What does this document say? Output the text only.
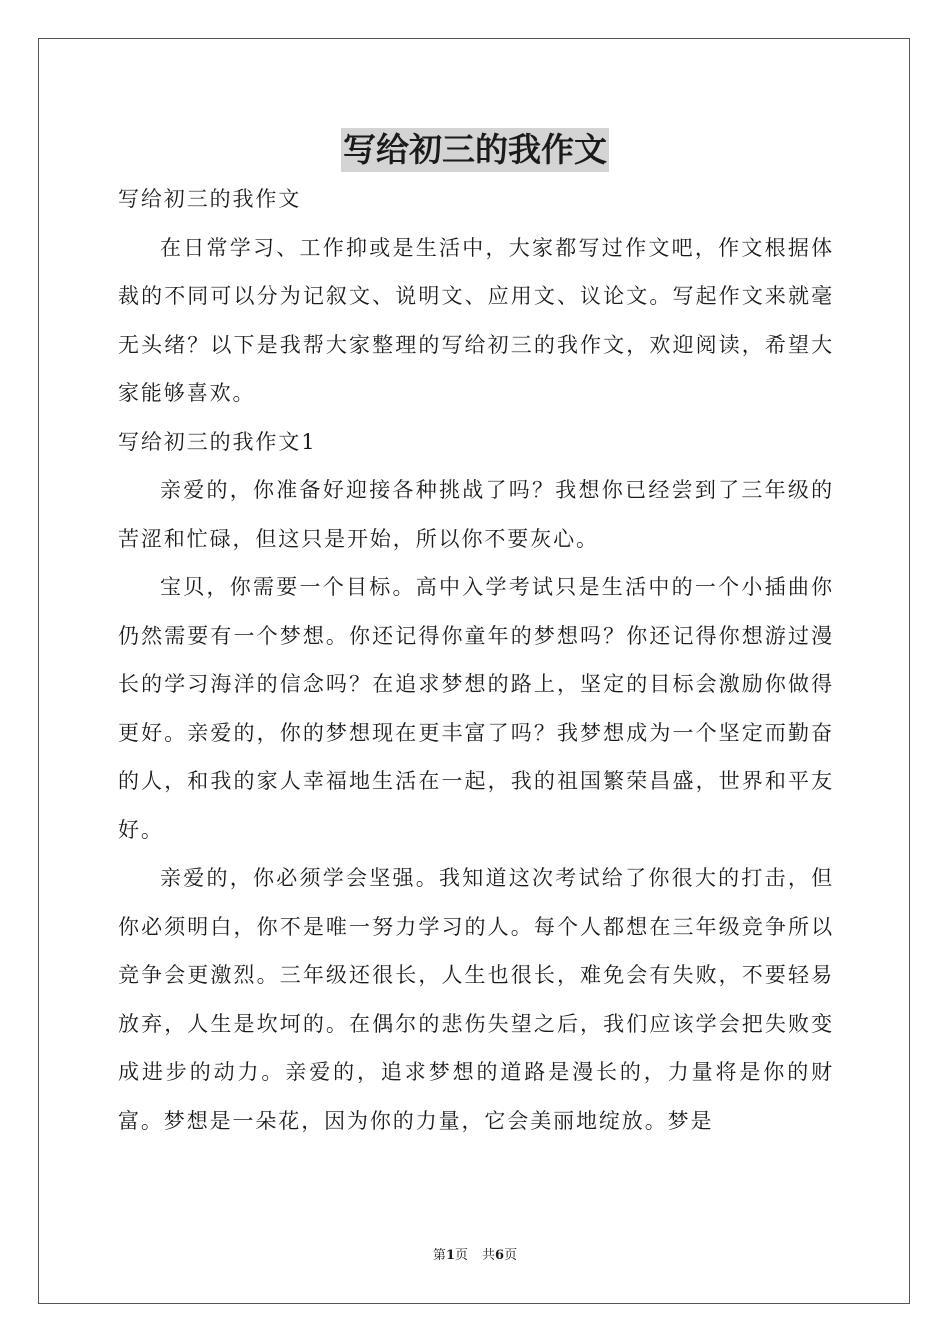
写给初三的我作文

写给初三的我作文

在日常学习、工作抑或是生活中，大家都写过作文吧，作文根据体裁的不同可以分为记叙文、说明文、应用文、议论文。写起作文来就毫无头绪？以下是我帮大家整理的写给初三的我作文，欢迎阅读，希望大家能够喜欢。

写给初三的我作文1

亲爱的，你准备好迎接各种挑战了吗？我想你已经尝到了三年级的苦涩和忙碌，但这只是开始，所以你不要灰心。

宝贝，你需要一个目标。高中入学考试只是生活中的一个小插曲你仍然需要有一个梦想。你还记得你童年的梦想吗？你还记得你想游过漫长的学习海洋的信念吗？在追求梦想的路上，坚定的目标会激励你做得更好。亲爱的，你的梦想现在更丰富了吗？我梦想成为一个坚定而勤奋的人，和我的家人幸福地生活在一起，我的祖国繁荣昌盛，世界和平友好。

亲爱的，你必须学会坚强。我知道这次考试给了你很大的打击，但你必须明白，你不是唯一努力学习的人。每个人都想在三年级竞争所以竞争会更激烈。三年级还很长，人生也很长，难免会有失败，不要轻易放弃，人生是坎坷的。在偶尔的悲伤失望之后，我们应该学会把失败变成进步的动力。亲爱的，追求梦想的道路是漫长的，力量将是你的财富。梦想是一朵花，因为你的力量，它会美丽地绽放。梦是

第1页 共6页
